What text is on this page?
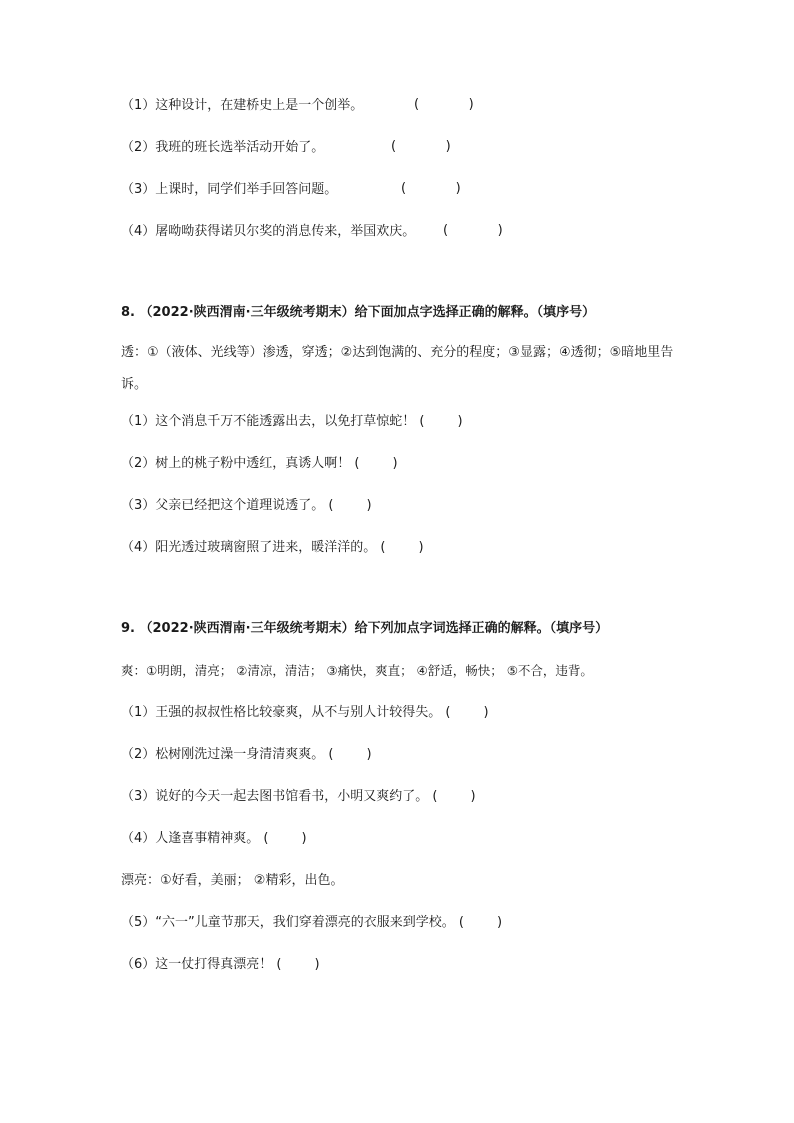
（1）这种设计，在建桥史上是一个创举。	(            )
（2）我班的班长选举活动开始了。	(            )
（3）上课时，同学们举手回答问题。	(            )
（4）屠呦呦获得诺贝尔奖的消息传来，举国欢庆。 (            )
8. （2022·陕西渭南·三年级统考期末）给下面加点字选择正确的解释。（填序号）
透：①（液体、光线等）渗透，穿透；②达到饱满的、充分的程度；③显露；④透彻；⑤暗地里告诉。
（1）这个消息千万不能透露出去，以免打草惊蛇！ (        )
（2）树上的桃子粉中透红，真诱人啊！ (        )
（3）父亲已经把这个道理说透了。 (        )
（4）阳光透过玻璃窗照了进来，暖洋洋的。 (        )
9. （2022·陕西渭南·三年级统考期末）给下列加点字词选择正确的解释。（填序号）
爽：①明朗，清亮； ②清凉，清洁； ③痛快，爽直； ④舒适，畅快； ⑤不合，违背。
（1）王强的叔叔性格比较豪爽，从不与别人计较得失。 (        )
（2）松树刚洗过澡一身清清爽爽。 (        )
（3）说好的今天一起去图书馆看书，小明又爽约了。 (        )
（4）人逢喜事精神爽。 (        )
漂亮：①好看，美丽； ②精彩，出色。
（5）“六一”儿童节那天，我们穿着漂亮的衣服来到学校。 (        )
（6）这一仗打得真漂亮！ (        )
